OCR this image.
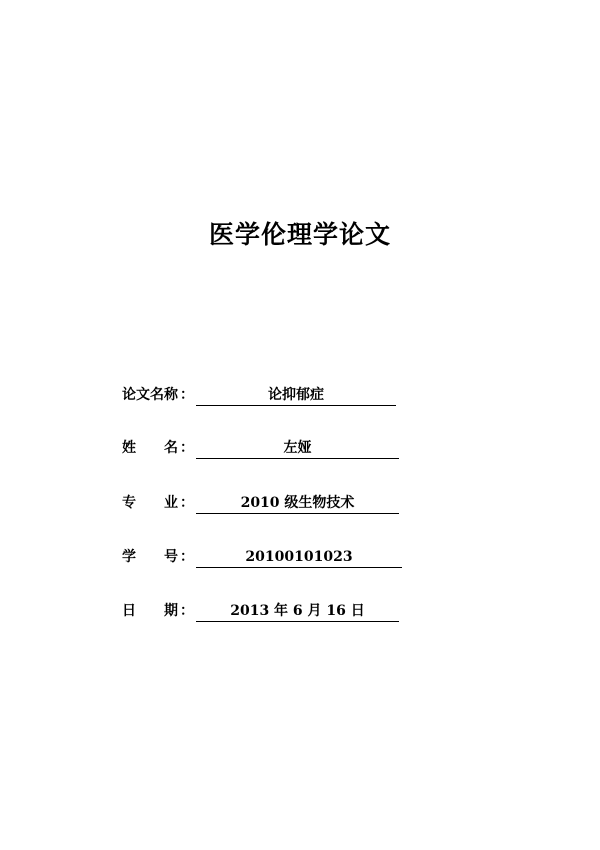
医学伦理学论文
论文名称 ：	论抑郁症
姓 名 ：	左娅
专 业 ：	2010 级生物技术
学 号 ：	20100101023
日 期 ：	2013 年 6 月 16 日
